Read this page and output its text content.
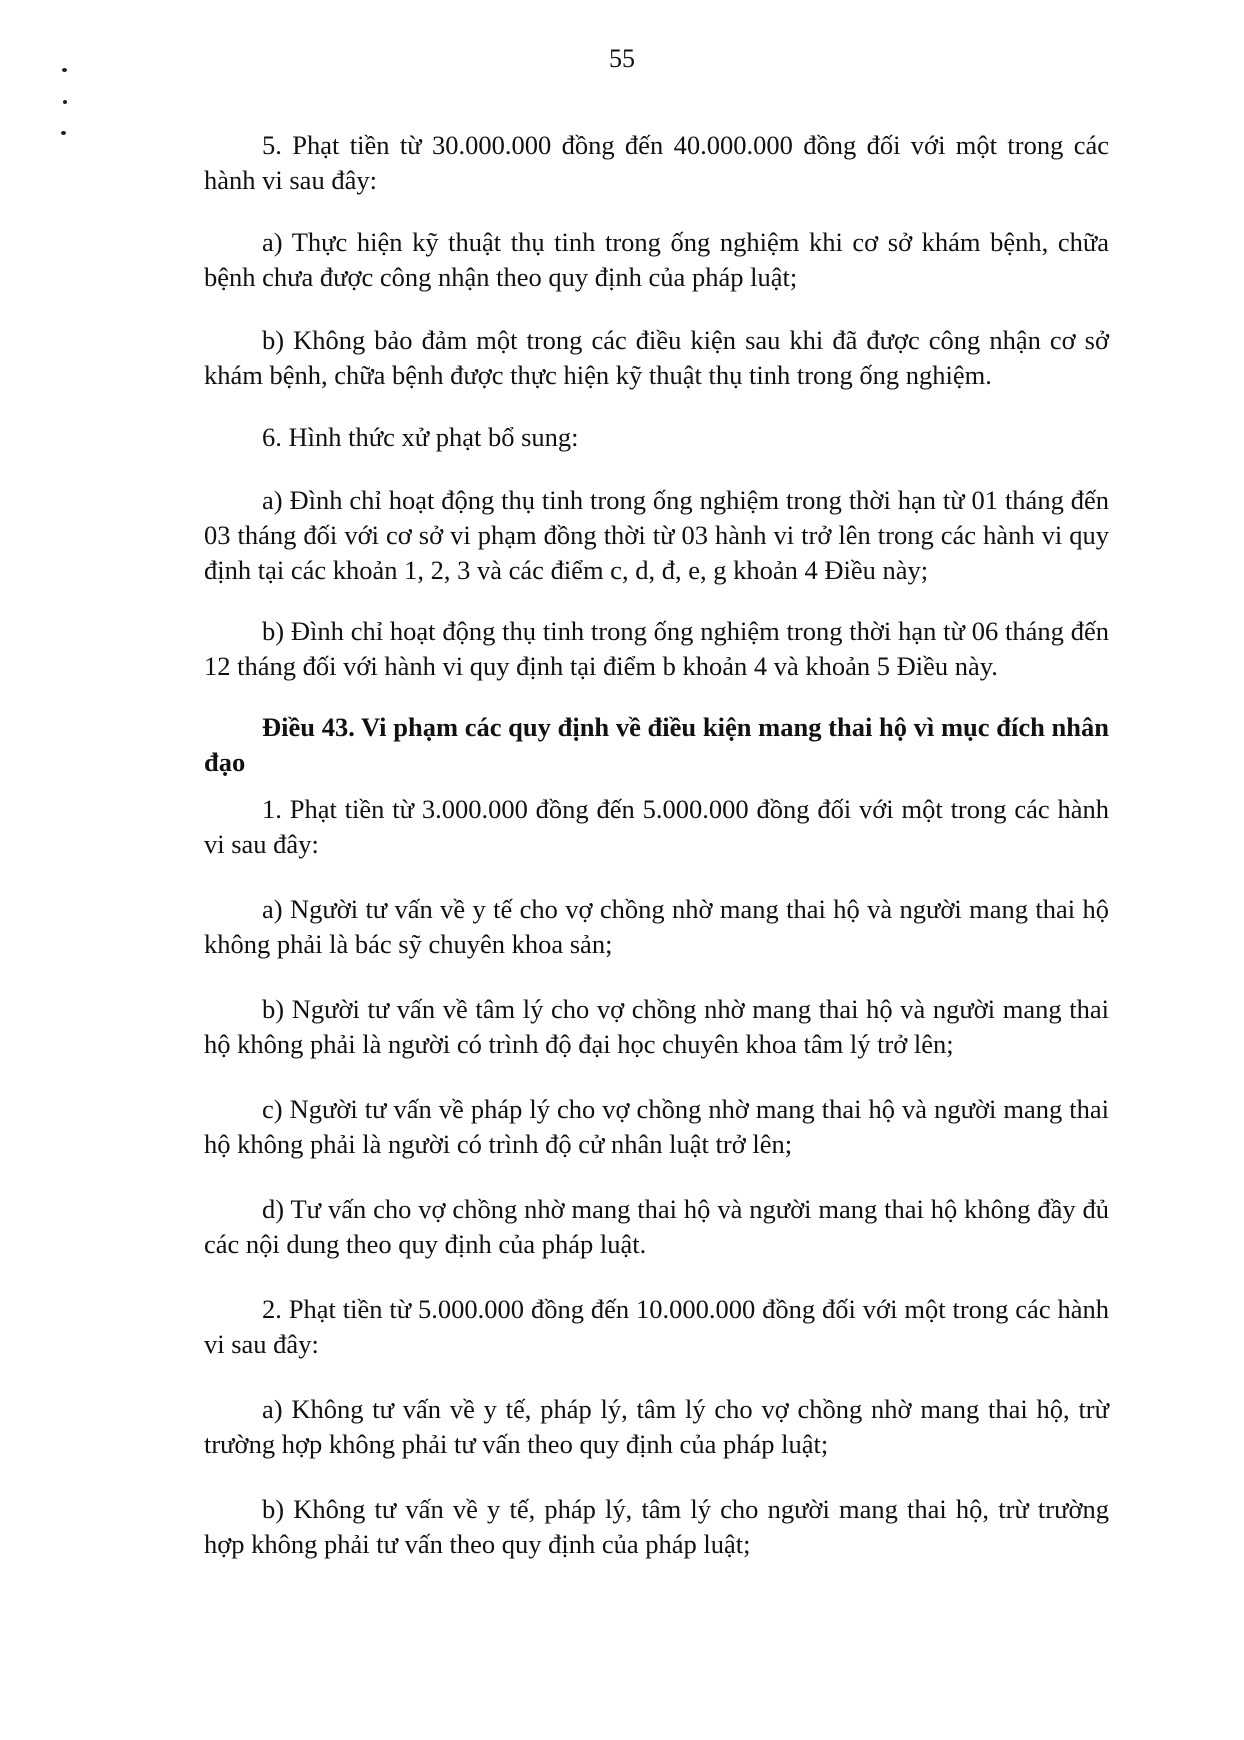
55

5. Phạt tiền từ 30.000.000 đồng đến 40.000.000 đồng đối với một trong các hành vi sau đây:

a) Thực hiện kỹ thuật thụ tinh trong ống nghiệm khi cơ sở khám bệnh, chữa bệnh chưa được công nhận theo quy định của pháp luật;

b) Không bảo đảm một trong các điều kiện sau khi đã được công nhận cơ sở khám bệnh, chữa bệnh được thực hiện kỹ thuật thụ tinh trong ống nghiệm.

6. Hình thức xử phạt bổ sung:

a) Đình chỉ hoạt động thụ tinh trong ống nghiệm trong thời hạn từ 01 tháng đến 03 tháng đối với cơ sở vi phạm đồng thời từ 03 hành vi trở lên trong các hành vi quy định tại các khoản 1, 2, 3 và các điểm c, d, đ, e, g khoản 4 Điều này;

b) Đình chỉ hoạt động thụ tinh trong ống nghiệm trong thời hạn từ 06 tháng đến 12 tháng đối với hành vi quy định tại điểm b khoản 4 và khoản 5 Điều này.

Điều 43. Vi phạm các quy định về điều kiện mang thai hộ vì mục đích nhân đạo

1. Phạt tiền từ 3.000.000 đồng đến 5.000.000 đồng đối với một trong các hành vi sau đây:

a) Người tư vấn về y tế cho vợ chồng nhờ mang thai hộ và người mang thai hộ không phải là bác sỹ chuyên khoa sản;

b) Người tư vấn về tâm lý cho vợ chồng nhờ mang thai hộ và người mang thai hộ không phải là người có trình độ đại học chuyên khoa tâm lý trở lên;

c) Người tư vấn về pháp lý cho vợ chồng nhờ mang thai hộ và người mang thai hộ không phải là người có trình độ cử nhân luật trở lên;

d) Tư vấn cho vợ chồng nhờ mang thai hộ và người mang thai hộ không đầy đủ các nội dung theo quy định của pháp luật.

2. Phạt tiền từ 5.000.000 đồng đến 10.000.000 đồng đối với một trong các hành vi sau đây:

a) Không tư vấn về y tế, pháp lý, tâm lý cho vợ chồng nhờ mang thai hộ, trừ trường hợp không phải tư vấn theo quy định của pháp luật;

b) Không tư vấn về y tế, pháp lý, tâm lý cho người mang thai hộ, trừ trường hợp không phải tư vấn theo quy định của pháp luật;
